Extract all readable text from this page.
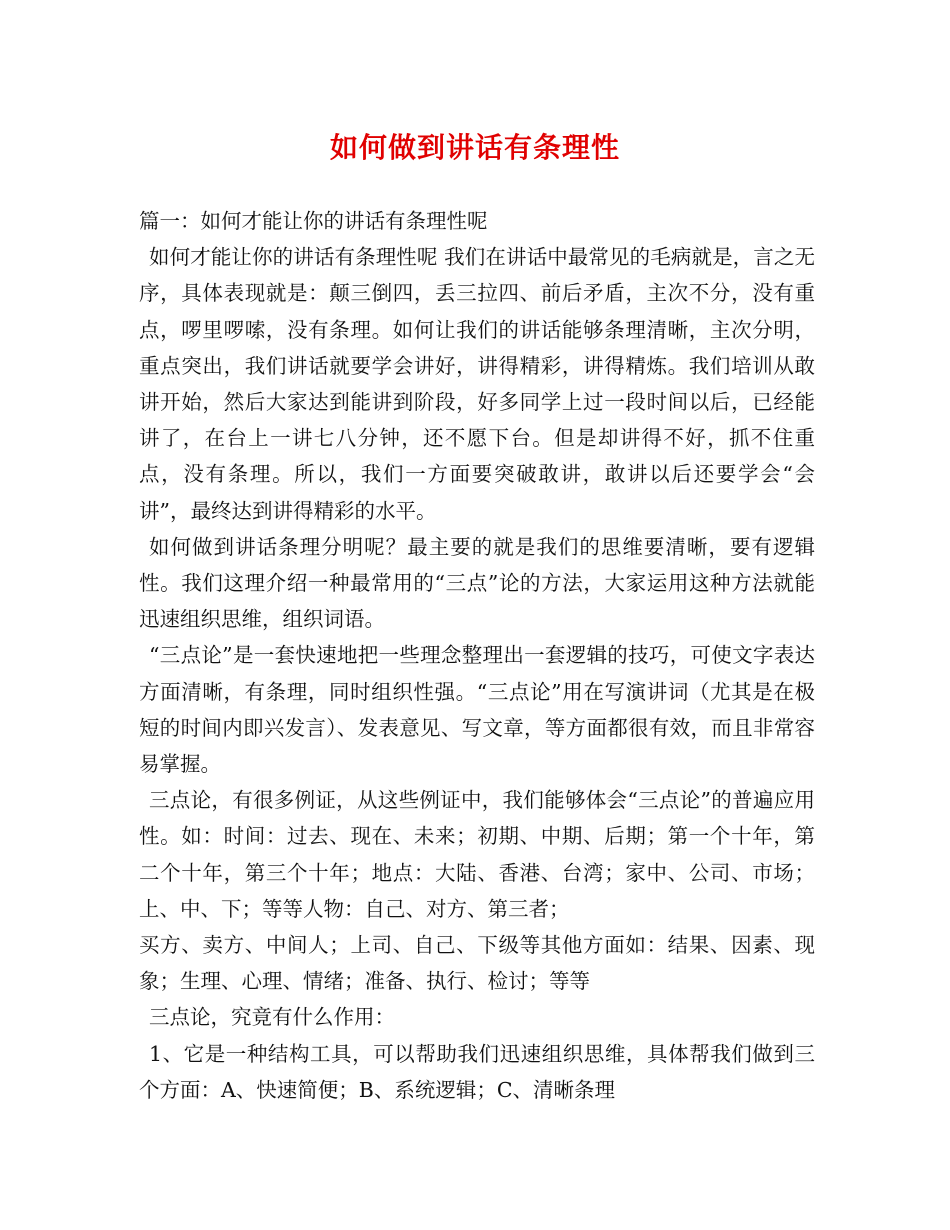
如何做到讲话有条理性

篇一：如何才能让你的讲话有条理性呢

如何才能让你的讲话有条理性呢 我们在讲话中最常见的毛病就是，言之无序，具体表现就是：颠三倒四，丢三拉四、前后矛盾，主次不分，没有重点，啰里啰嗦，没有条理。如何让我们的讲话能够条理清晰，主次分明，重点突出，我们讲话就要学会讲好，讲得精彩，讲得精炼。我们培训从敢讲开始，然后大家达到能讲到阶段，好多同学上过一段时间以后，已经能讲了，在台上一讲七八分钟，还不愿下台。但是却讲得不好，抓不住重点，没有条理。所以，我们一方面要突破敢讲，敢讲以后还要学会“会讲”，最终达到讲得精彩的水平。

如何做到讲话条理分明呢？最主要的就是我们的思维要清晰，要有逻辑性。我们这理介绍一种最常用的“三点”论的方法，大家运用这种方法就能迅速组织思维，组织词语。

“三点论”是一套快速地把一些理念整理出一套逻辑的技巧，可使文字表达方面清晰，有条理，同时组织性强。“三点论”用在写演讲词（尤其是在极短的时间内即兴发言）、发表意见、写文章，等方面都很有效，而且非常容易掌握。

三点论，有很多例证，从这些例证中，我们能够体会“三点论”的普遍应用性。如：时间：过去、现在、未来；初期、中期、后期；第一个十年，第二个十年，第三个十年；地点：大陆、香港、台湾；家中、公司、市场；上、中、下；等等人物：自己、对方、第三者；

买方、卖方、中间人；上司、自己、下级等其他方面如：结果、因素、现象；生理、心理、情绪；准备、执行、检讨；等等

三点论，究竟有什么作用：

1、它是一种结构工具，可以帮助我们迅速组织思维，具体帮我们做到三个方面：A、快速简便；B、系统逻辑；C、清晰条理
